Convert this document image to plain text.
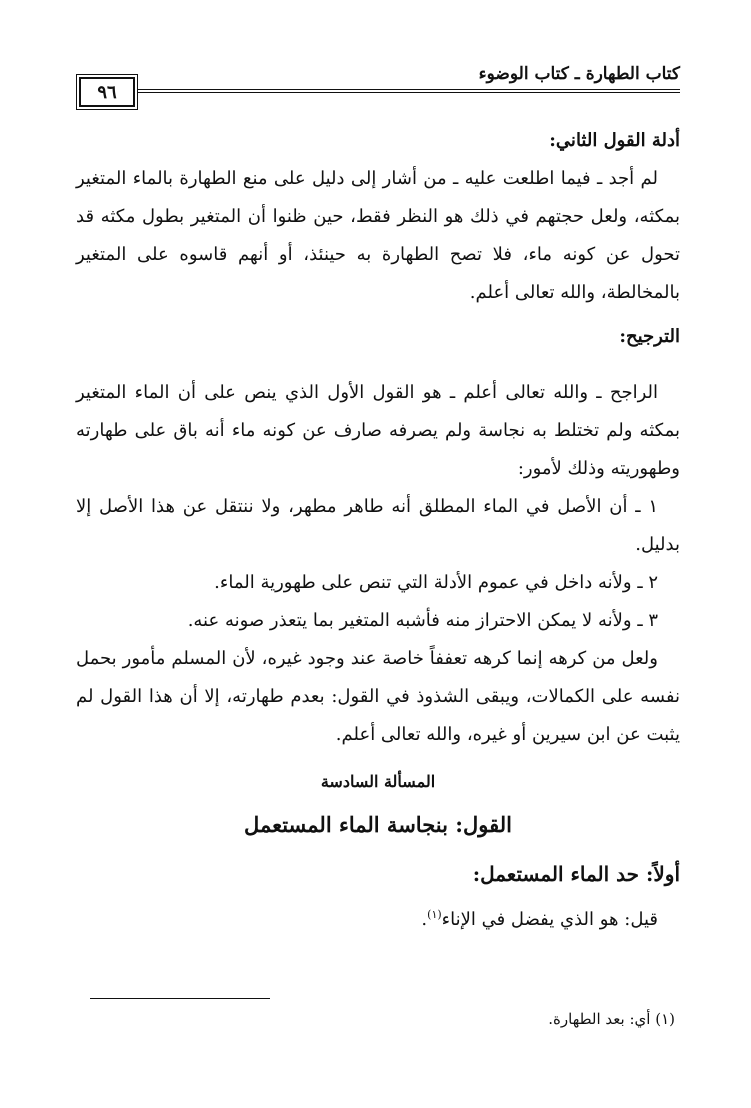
كتاب الطهارة ـ كتاب الوضوء
٩٦

أدلة القول الثاني:

لم أجد ـ فيما اطلعت عليه ـ من أشار إلى دليل على منع الطهارة بالماء المتغير بمكثه، ولعل حجتهم في ذلك هو النظر فقط، حين ظنوا أن المتغير بطول مكثه قد تحول عن كونه ماء، فلا تصح الطهارة به حينئذ، أو أنهم قاسوه على المتغير بالمخالطة، والله تعالى أعلم.

الترجيح:

الراجح ـ والله تعالى أعلم ـ هو القول الأول الذي ينص على أن الماء المتغير بمكثه ولم تختلط به نجاسة ولم يصرفه صارف عن كونه ماء أنه باق على طهارته وطهوريته وذلك لأمور:

١ ـ أن الأصل في الماء المطلق أنه طاهر مطهر، ولا ننتقل عن هذا الأصل إلا بدليل.

٢ ـ ولأنه داخل في عموم الأدلة التي تنص على طهورية الماء.

٣ ـ ولأنه لا يمكن الاحتراز منه فأشبه المتغير بما يتعذر صونه عنه.

ولعل من كرهه إنما كرهه تعففاً خاصة عند وجود غيره، لأن المسلم مأمور بحمل نفسه على الكمالات، ويبقى الشذوذ في القول: بعدم طهارته، إلا أن هذا القول لم يثبت عن ابن سيرين أو غيره، والله تعالى أعلم.

المسألة السادسة
القول: بنجاسة الماء المستعمل
أولاً: حد الماء المستعمل:

قيل: هو الذي يفضل في الإناء$^{(١)}$.

(١) أي: بعد الطهارة.
